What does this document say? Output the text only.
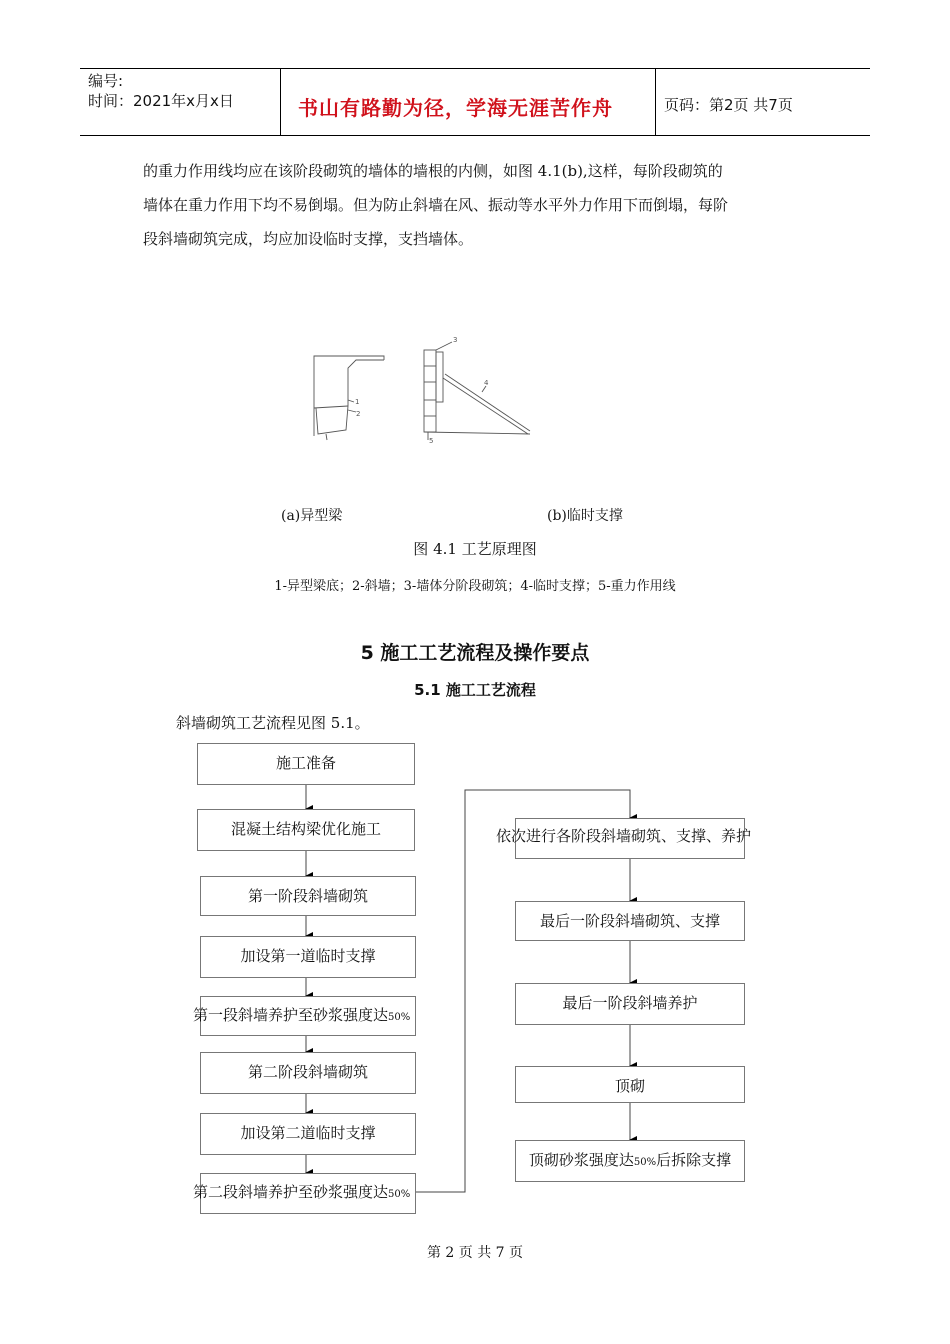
编号:
时间：2021年x月x日	书山有路勤为径，学海无涯苦作舟	页码：第2页 共7页
的重力作用线均应在该阶段砌筑的墙体的墙根的内侧，如图 4.1(b),这样，每阶段砌筑的
墙体在重力作用下均不易倒塌。但为防止斜墙在风、振动等水平外力作用下而倒塌，每阶
段斜墙砌筑完成，均应加设临时支撑，支挡墙体。
1
2
3
4
5
(a)异型梁	(b)临时支撑
图 4.1 工艺原理图
1-异型梁底；2-斜墙；3-墙体分阶段砌筑；4-临时支撑；5-重力作用线
5 施工工艺流程及操作要点
5.1 施工工艺流程
斜墙砌筑工艺流程见图 5.1。
施工准备
混凝土结构梁优化施工
第一阶段斜墙砌筑
加设第一道临时支撑
第一段斜墙养护至砂浆强度达50%
第二阶段斜墙砌筑
加设第二道临时支撑
第二段斜墙养护至砂浆强度达50%
依次进行各阶段斜墙砌筑、支撑、养护
最后一阶段斜墙砌筑、支撑
最后一阶段斜墙养护
顶砌
顶砌砂浆强度达50%后拆除支撑
第 2 页 共 7 页
